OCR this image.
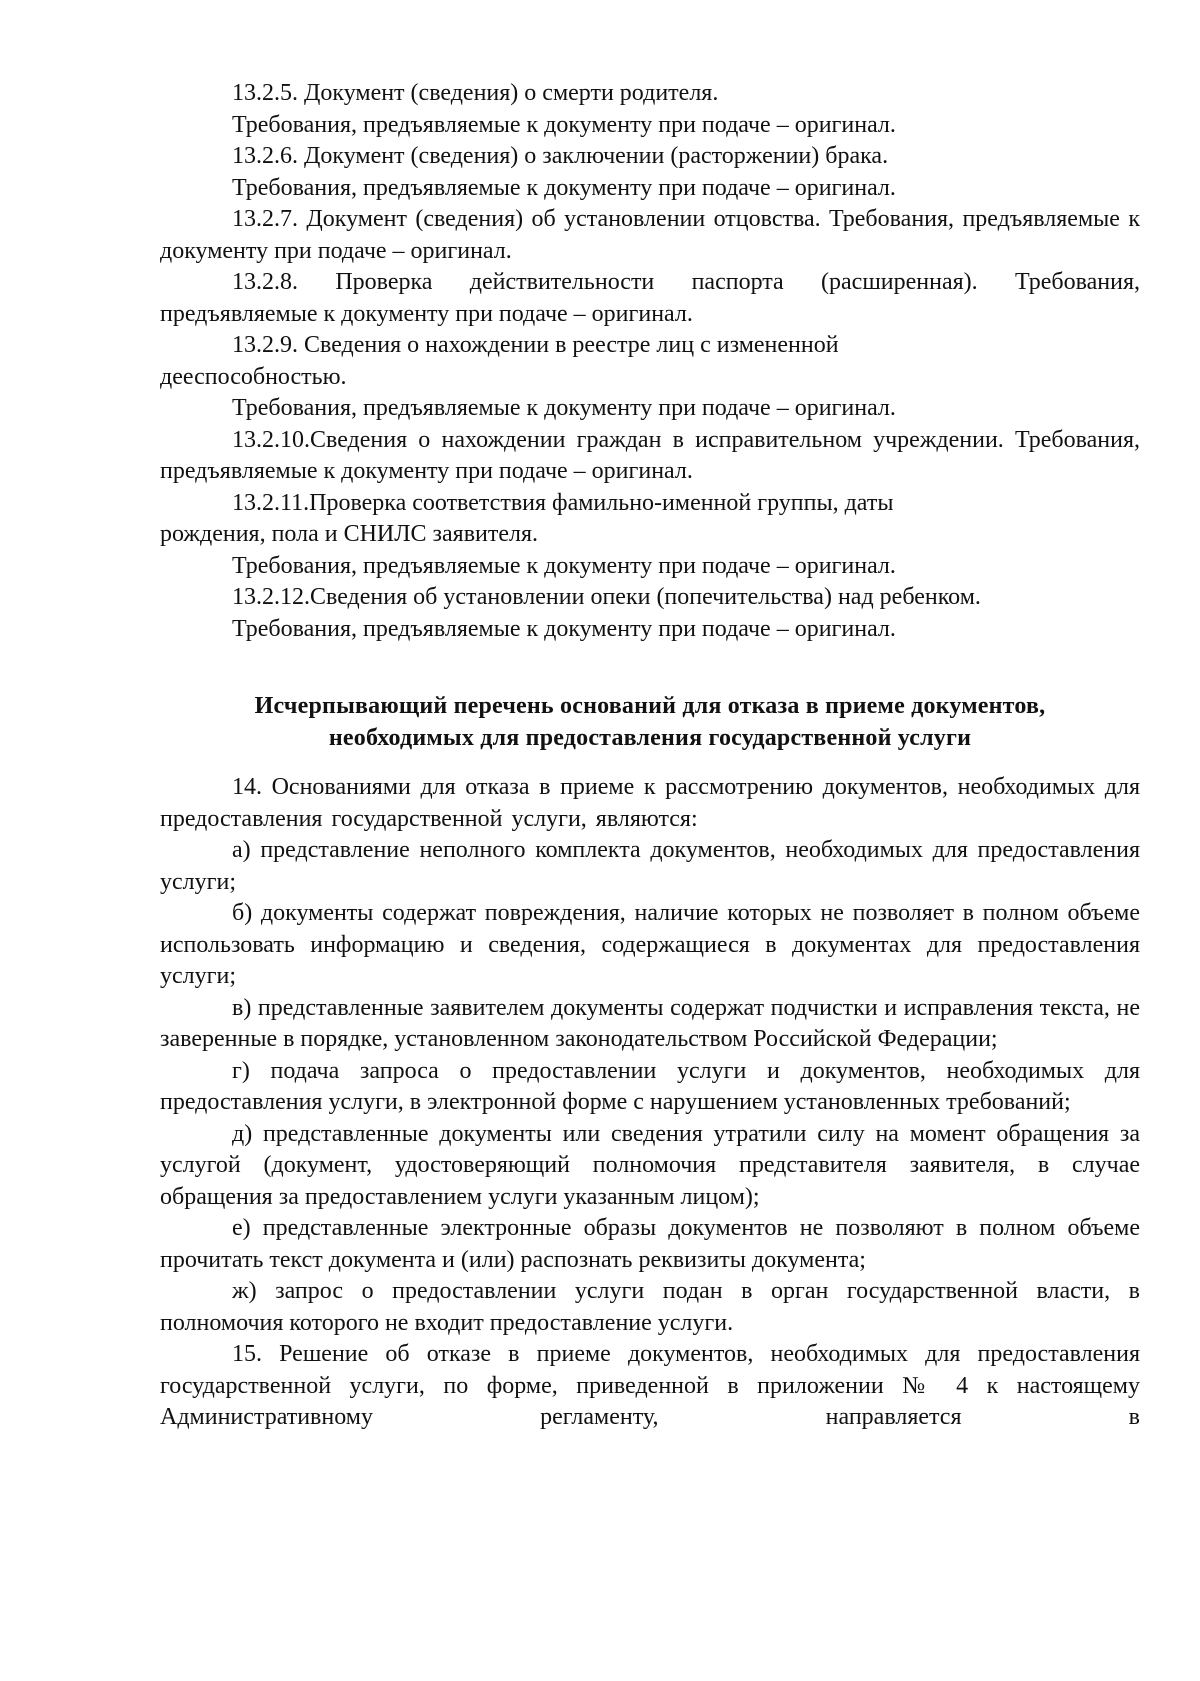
13.2.5. Документ (сведения) о смерти родителя.

Требования, предъявляемые к документу при подаче – оригинал.

13.2.6. Документ (сведения) о заключении (расторжении) брака.

Требования, предъявляемые к документу при подаче – оригинал.

13.2.7. Документ (сведения) об установлении отцовства. Требования, предъявляемые к документу при подаче – оригинал.

13.2.8. Проверка действительности паспорта (расширенная). Требования, предъявляемые к документу при подаче – оригинал.

13.2.9. Сведения о нахождении в реестре лиц с измененной дееспособностью.

Требования, предъявляемые к документу при подаче – оригинал.

13.2.10.Сведения о нахождении граждан в исправительном учреждении. Требования, предъявляемые к документу при подаче – оригинал.

13.2.11.Проверка соответствия фамильно-именной группы, даты рождения, пола и СНИЛС заявителя.

Требования, предъявляемые к документу при подаче – оригинал.

13.2.12.Сведения об установлении опеки (попечительства) над ребенком.

Требования, предъявляемые к документу при подаче – оригинал.

Исчерпывающий перечень оснований для отказа в приеме документов,
необходимых для предоставления государственной услуги

14. Основаниями для отказа в приеме к рассмотрению документов, необходимых для предоставления государственной услуги, являются:

а) представление неполного комплекта документов, необходимых для предоставления услуги;

б) документы содержат повреждения, наличие которых не позволяет в полном объеме использовать информацию и сведения, содержащиеся в документах для предоставления услуги;

в) представленные заявителем документы содержат подчистки и исправления текста, не заверенные в порядке, установленном законодательством Российской Федерации;

г) подача запроса о предоставлении услуги и документов, необходимых для предоставления услуги, в электронной форме с нарушением установленных требований;

д) представленные документы или сведения утратили силу на момент обращения за услугой (документ, удостоверяющий полномочия представителя заявителя, в случае обращения за предоставлением услуги указанным лицом);

е) представленные электронные образы документов не позволяют в полном объеме прочитать текст документа и (или) распознать реквизиты документа;

ж) запрос о предоставлении услуги подан в орган государственной власти, в полномочия которого не входит предоставление услуги.

15. Решение об отказе в приеме документов, необходимых для предоставления государственной услуги, по форме, приведенной в приложении № 4 к настоящему Административному регламенту, направляется в
